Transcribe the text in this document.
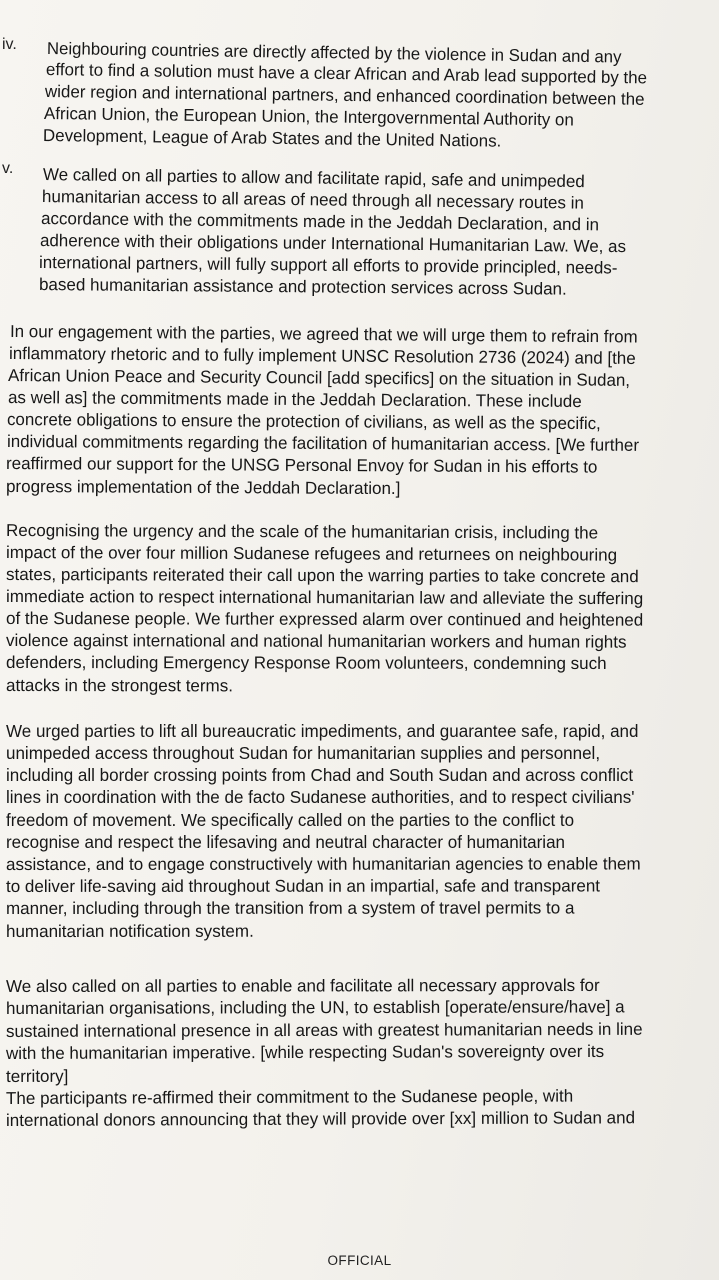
iv. Neighbouring countries are directly affected by the violence in Sudan and any
effort to find a solution must have a clear African and Arab lead supported by the
wider region and international partners, and enhanced coordination between the
African Union, the European Union, the Intergovernmental Authority on
Development, League of Arab States and the United Nations.
v. We called on all parties to allow and facilitate rapid, safe and unimpeded
humanitarian access to all areas of need through all necessary routes in
accordance with the commitments made in the Jeddah Declaration, and in
adherence with their obligations under International Humanitarian Law. We, as
international partners, will fully support all efforts to provide principled, needs-
based humanitarian assistance and protection services across Sudan.
In our engagement with the parties, we agreed that we will urge them to refrain from
inflammatory rhetoric and to fully implement UNSC Resolution 2736 (2024) and [the
African Union Peace and Security Council [add specifics] on the situation in Sudan,
as well as] the commitments made in the Jeddah Declaration. These include
concrete obligations to ensure the protection of civilians, as well as the specific,
individual commitments regarding the facilitation of humanitarian access. [We further
reaffirmed our support for the UNSG Personal Envoy for Sudan in his efforts to
progress implementation of the Jeddah Declaration.]
Recognising the urgency and the scale of the humanitarian crisis, including the
impact of the over four million Sudanese refugees and returnees on neighbouring
states, participants reiterated their call upon the warring parties to take concrete and
immediate action to respect international humanitarian law and alleviate the suffering
of the Sudanese people. We further expressed alarm over continued and heightened
violence against international and national humanitarian workers and human rights
defenders, including Emergency Response Room volunteers, condemning such
attacks in the strongest terms.
We urged parties to lift all bureaucratic impediments, and guarantee safe, rapid, and
unimpeded access throughout Sudan for humanitarian supplies and personnel,
including all border crossing points from Chad and South Sudan and across conflict
lines in coordination with the de facto Sudanese authorities, and to respect civilians'
freedom of movement. We specifically called on the parties to the conflict to
recognise and respect the lifesaving and neutral character of humanitarian
assistance, and to engage constructively with humanitarian agencies to enable them
to deliver life-saving aid throughout Sudan in an impartial, safe and transparent
manner, including through the transition from a system of travel permits to a
humanitarian notification system.
We also called on all parties to enable and facilitate all necessary approvals for
humanitarian organisations, including the UN, to establish [operate/ensure/have] a
sustained international presence in all areas with greatest humanitarian needs in line
with the humanitarian imperative. [while respecting Sudan's sovereignty over its
territory]
The participants re-affirmed their commitment to the Sudanese people, with
international donors announcing that they will provide over [xx] million to Sudan and
OFFICIAL
